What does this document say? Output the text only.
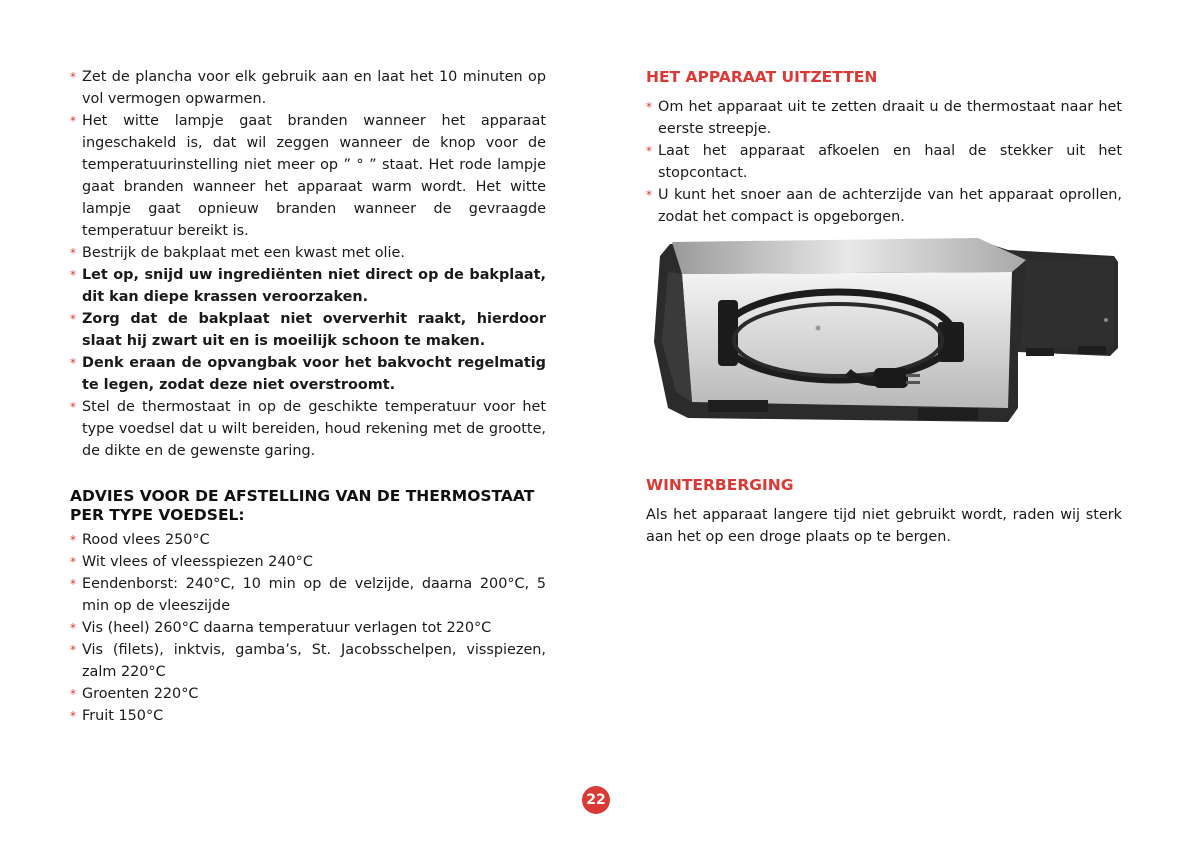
* Zet de plancha voor elk gebruik aan en laat het 10 minuten op vol vermogen opwarmen.
* Het witte lampje gaat branden wanneer het apparaat ingeschakeld is, dat wil zeggen wanneer de knop voor de temperatuurinstelling niet meer op ” ° ” staat. Het rode lampje gaat branden wanneer het apparaat warm wordt. Het witte lampje gaat opnieuw branden wanneer de gevraagde temperatuur bereikt is.
* Bestrijk de bakplaat met een kwast met olie.
* Let op, snijd uw ingrediënten niet direct op de bakplaat, dit kan diepe krassen veroorzaken.
* Zorg dat de bakplaat niet oververhit raakt, hierdoor slaat hij zwart uit en is moeilijk schoon te maken.
* Denk eraan de opvangbak voor het bakvocht regelmatig te legen, zodat deze niet overstroomt.
* Stel de thermostaat in op de geschikte temperatuur voor het type voedsel dat u wilt bereiden, houd rekening met de grootte, de dikte en de gewenste garing.
ADVIES VOOR DE AFSTELLING VAN DE THERMOSTAAT PER TYPE VOEDSEL:
* Rood vlees 250°C
* Wit vlees of vleesspiezen 240°C
* Eendenborst: 240°C, 10 min op de velzijde, daarna 200°C, 5 min op de vleeszijde
* Vis (heel) 260°C daarna temperatuur verlagen tot 220°C
* Vis (filets), inktvis, gamba’s, St. Jacobsschelpen, visspiezen, zalm 220°C
* Groenten 220°C
* Fruit 150°C
HET APPARAAT UITZETTEN
* Om het apparaat uit te zetten draait u de thermostaat naar het eerste streepje.
* Laat het apparaat afkoelen en haal de stekker uit het stopcontact.
* U kunt het snoer aan de achterzijde van het apparaat oprollen, zodat het compact is opgeborgen.
WINTERBERGING

Als het apparaat langere tijd niet gebruikt wordt, raden wij sterk aan het op een droge plaats op te bergen.

22
